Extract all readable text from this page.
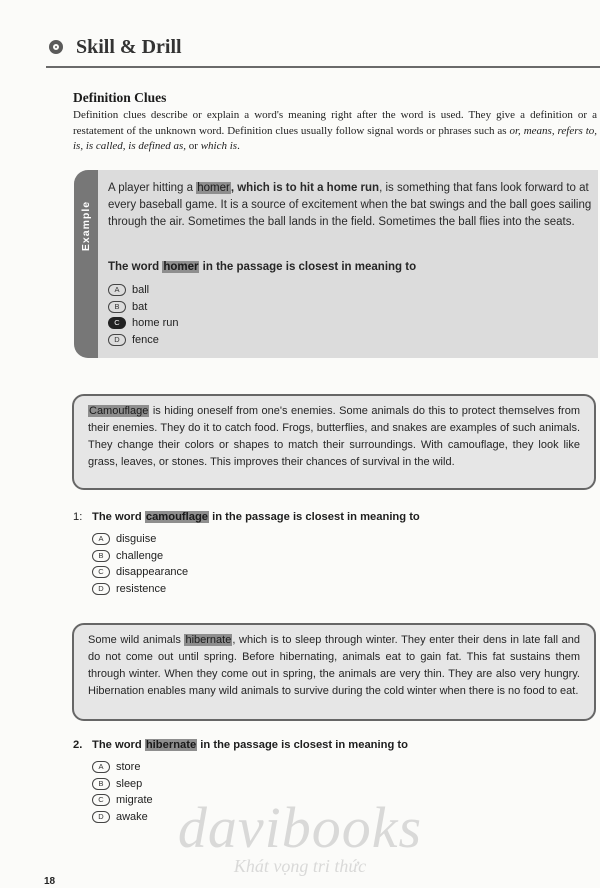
Skill & Drill
Definition Clues
Definition clues describe or explain a word's meaning right after the word is used. They give a definition or a restatement of the unknown word. Definition clues usually follow signal words or phrases such as or, means, refers to, is, is called, is defined as, or which is.
Example
A player hitting a homer, which is to hit a home run, is something that fans look forward to at every baseball game. It is a source of excitement when the bat swings and the ball goes sailing through the air. Sometimes the ball lands in the field. Sometimes the ball flies into the seats.
The word homer in the passage is closest in meaning to
A	ball
B	bat
C	home run
D	fence
Camouflage is hiding oneself from one's enemies. Some animals do this to protect themselves from their enemies. They do it to catch food. Frogs, butterflies, and snakes are examples of such animals. They change their colors or shapes to match their surroundings. With camouflage, they look like grass, leaves, or stones. This improves their chances of survival in the wild.
1: The word camouflage in the passage is closest in meaning to
A	disguise
B	challenge
C	disappearance
D	resistence
Some wild animals hibernate, which is to sleep through winter. They enter their dens in late fall and do not come out until spring. Before hibernating, animals eat to gain fat. This fat sustains them through winter. When they come out in spring, the animals are very thin. They are also very hungry. Hibernation enables many wild animals to survive during the cold winter when there is no food to eat.
2. The word hibernate in the passage is closest in meaning to
A	store
B	sleep
C	migrate
D	awake davibooks
Khát vọng tri thức
18
